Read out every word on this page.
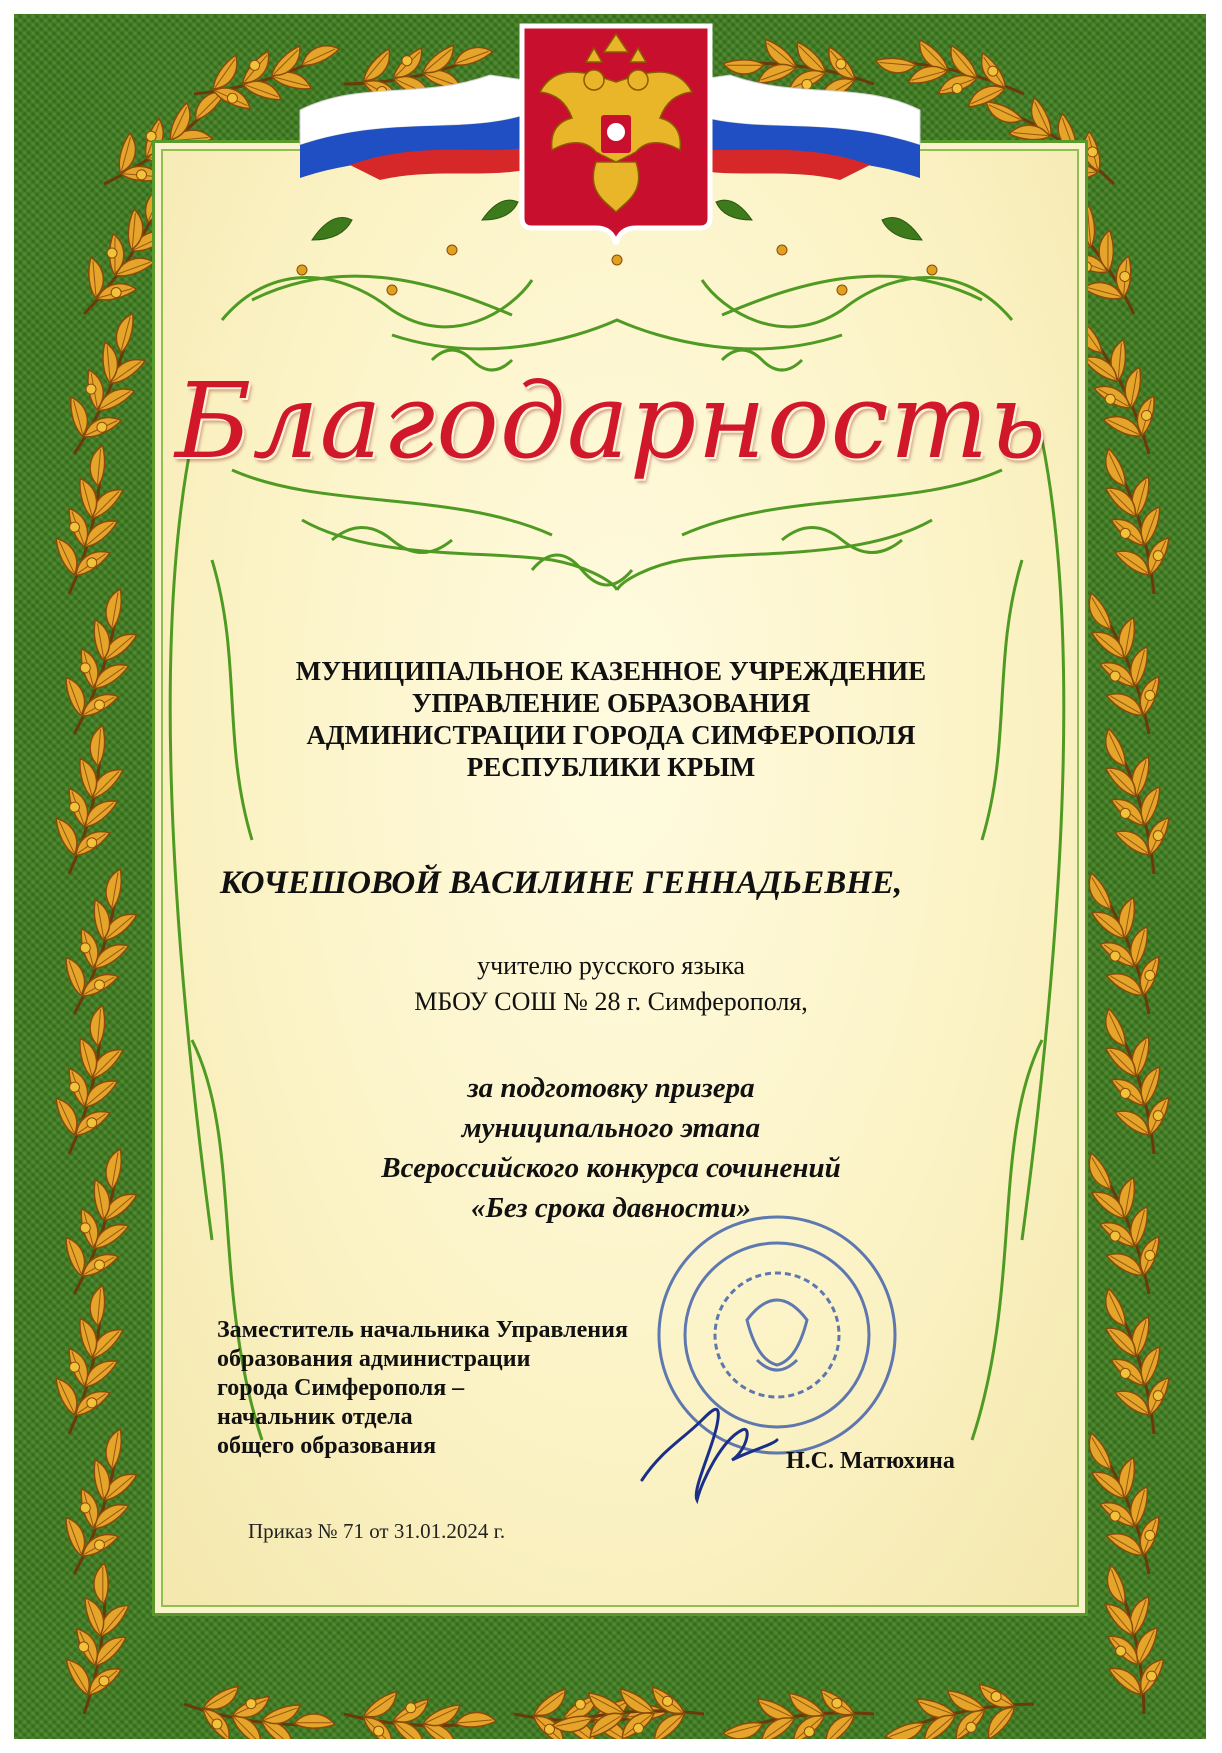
Благодарность
МУНИЦИПАЛЬНОЕ КАЗЕННОЕ УЧРЕЖДЕНИЕ
УПРАВЛЕНИЕ ОБРАЗОВАНИЯ
АДМИНИСТРАЦИИ ГОРОДА СИМФЕРОПОЛЯ
РЕСПУБЛИКИ КРЫМ
КОЧЕШОВОЙ ВАСИЛИНЕ ГЕННАДЬЕВНЕ,
учителю русского языка
МБОУ СОШ № 28 г. Симферополя,
за подготовку призера
муниципального этапа
Всероссийского конкурса сочинений
«Без срока давности»
Заместитель начальника Управления
образования администрации
города Симферополя –
начальник отдела
общего образования
Н.С. Матюхина
Приказ № 71 от 31.01.2024 г.
